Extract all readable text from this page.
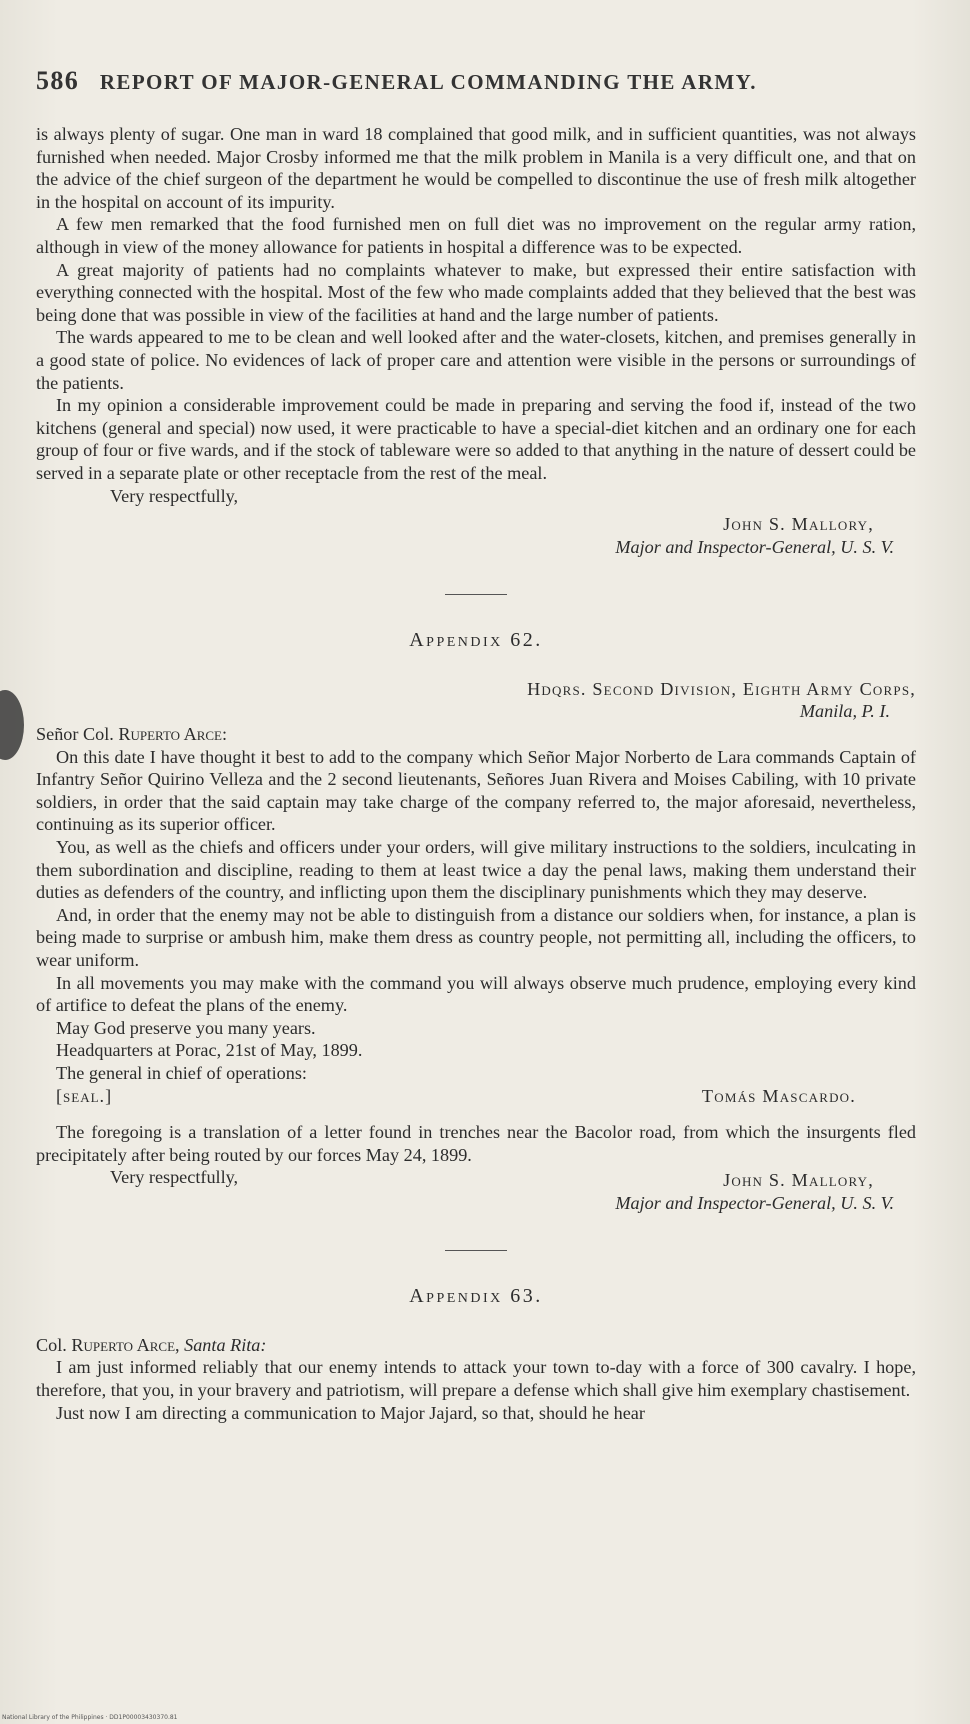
586 REPORT OF MAJOR-GENERAL COMMANDING THE ARMY.

is always plenty of sugar. One man in ward 18 complained that good milk, and in sufficient quantities, was not always furnished when needed. Major Crosby informed me that the milk problem in Manila is a very difficult one, and that on the advice of the chief surgeon of the department he would be compelled to discontinue the use of fresh milk altogether in the hospital on account of its impurity.

A few men remarked that the food furnished men on full diet was no improvement on the regular army ration, although in view of the money allowance for patients in hospital a difference was to be expected.

A great majority of patients had no complaints whatever to make, but expressed their entire satisfaction with everything connected with the hospital. Most of the few who made complaints added that they believed that the best was being done that was possible in view of the facilities at hand and the large number of patients.

The wards appeared to me to be clean and well looked after and the water-closets, kitchen, and premises generally in a good state of police. No evidences of lack of proper care and attention were visible in the persons or surroundings of the patients.

In my opinion a considerable improvement could be made in preparing and serving the food if, instead of the two kitchens (general and special) now used, it were practicable to have a special-diet kitchen and an ordinary one for each group of four or five wards, and if the stock of tableware were so added to that anything in the nature of dessert could be served in a separate plate or other receptacle from the rest of the meal.

Very respectfully,

John S. Mallory,
Major and Inspector-General, U. S. V.
Appendix 62.
Hdqrs. Second Division, Eighth Army Corps,
Manila, P. I.

Señor Col. Ruperto Arce:

On this date I have thought it best to add to the company which Señor Major Norberto de Lara commands Captain of Infantry Señor Quirino Velleza and the 2 second lieutenants, Señores Juan Rivera and Moises Cabiling, with 10 private soldiers, in order that the said captain may take charge of the company referred to, the major aforesaid, nevertheless, continuing as its superior officer.

You, as well as the chiefs and officers under your orders, will give military instructions to the soldiers, inculcating in them subordination and discipline, reading to them at least twice a day the penal laws, making them understand their duties as defenders of the country, and inflicting upon them the disciplinary punishments which they may deserve.

And, in order that the enemy may not be able to distinguish from a distance our soldiers when, for instance, a plan is being made to surprise or ambush him, make them dress as country people, not permitting all, including the officers, to wear uniform.

In all movements you may make with the command you will always observe much prudence, employing every kind of artifice to defeat the plans of the enemy.

May God preserve you many years.

Headquarters at Porac, 21st of May, 1899.

The general in chief of operations:

[seal.]	Tomás Mascardo.

The foregoing is a translation of a letter found in trenches near the Bacolor road, from which the insurgents fled precipitately after being routed by our forces May 24, 1899.

Very respectfully,	John S. Mallory,
Major and Inspector-General, U. S. V.
Appendix 63.

Col. Ruperto Arce, Santa Rita:

I am just informed reliably that our enemy intends to attack your town to-day with a force of 300 cavalry. I hope, therefore, that you, in your bravery and patriotism, will prepare a defense which shall give him exemplary chastisement.

Just now I am directing a communication to Major Jajard, so that, should he hear

National Library of the Philippines · DD1P00003430370.81
